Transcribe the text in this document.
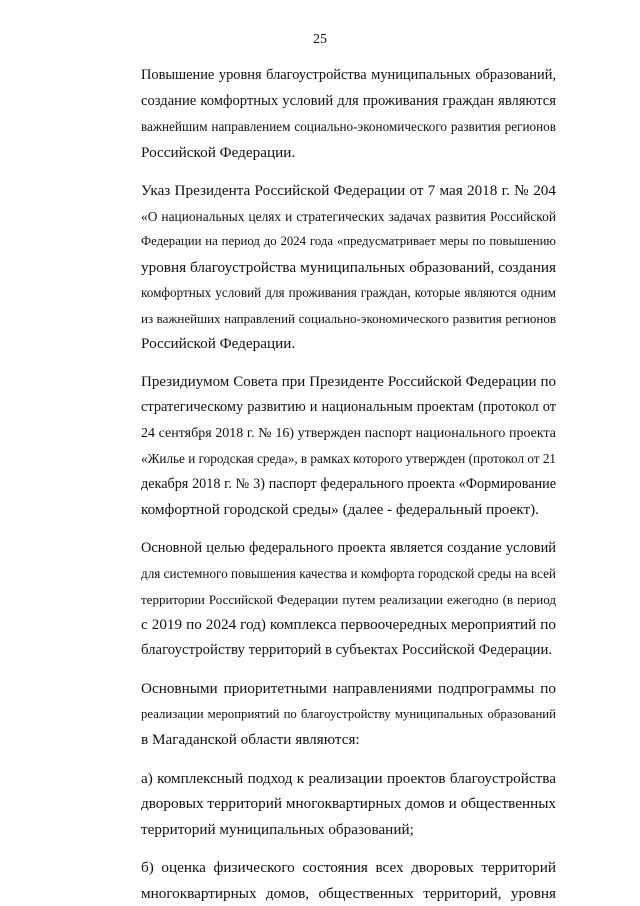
25

Повышение уровня благоустройства муниципальных образований,
создание комфортных условий для проживания граждан являются
важнейшим направлением социально-экономического развития регионов
Российской Федерации.

Указ Президента Российской Федерации от 7 мая 2018 г. № 204
«О национальных целях и стратегических задачах развития Российской
Федерации на период до 2024 года «предусматривает меры по повышению
уровня благоустройства муниципальных образований, создания
комфортных условий для проживания граждан, которые являются одним
из важнейших направлений социально-экономического развития регионов
Российской Федерации.

Президиумом Совета при Президенте Российской Федерации по
стратегическому развитию и национальным проектам (протокол от
24 сентября 2018 г. № 16) утвержден паспорт национального проекта
«Жилье и городская среда», в рамках которого утвержден (протокол от 21
декабря 2018 г. № 3) паспорт федерального проекта «Формирование
комфортной городской среды» (далее - федеральный проект).

Основной целью федерального проекта является создание условий
для системного повышения качества и комфорта городской среды на всей
территории Российской Федерации путем реализации ежегодно (в период
с 2019 по 2024 год) комплекса первоочередных мероприятий по
благоустройству территорий в субъектах Российской Федерации.

Основными приоритетными направлениями подпрограммы по
реализации мероприятий по благоустройству муниципальных образований
в Магаданской области являются:

а) комплексный подход к реализации проектов благоустройства
дворовых территорий многоквартирных домов и общественных
территорий муниципальных образований;

б) оценка физического состояния всех дворовых территорий
многоквартирных домов, общественных территорий, уровня
